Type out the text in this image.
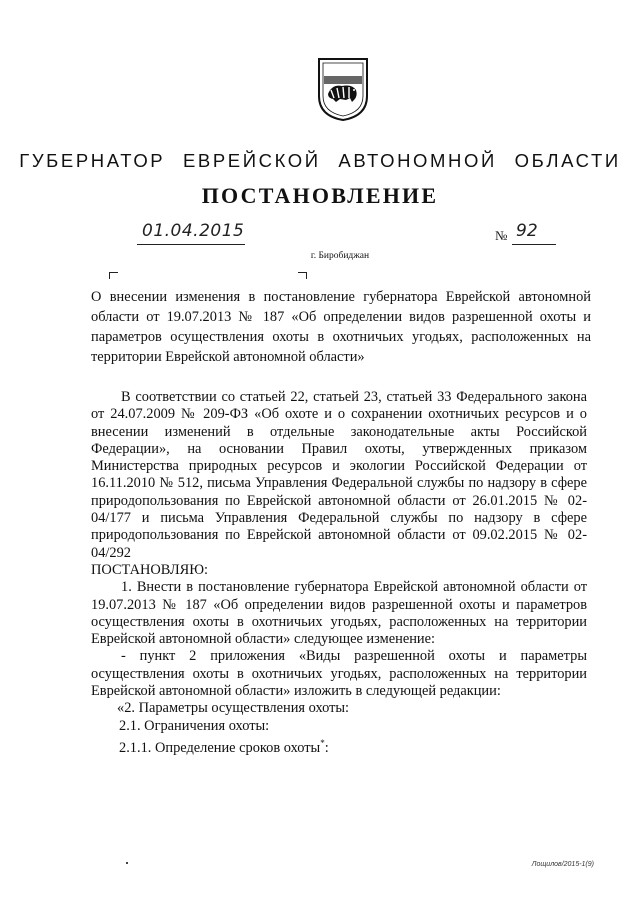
ГУБЕРНАТОР ЕВРЕЙСКОЙ АВТОНОМНОЙ ОБЛАСТИ
ПОСТАНОВЛЕНИЕ
01.04.2015	№ 92
г. Биробиджан
О внесении изменения в постановление губернатора Еврейской автономной области от 19.07.2013 № 187 «Об определении видов разрешенной охоты и параметров осуществления охоты в охотничьих угодьях, расположенных на территории Еврейской автономной области»

В соответствии со статьей 22, статьей 23, статьей 33 Федерального закона от 24.07.2009 № 209-ФЗ «Об охоте и о сохранении охотничьих ресурсов и о внесении изменений в отдельные законодательные акты Российской Федерации», на основании Правил охоты, утвержденных приказом Министерства природных ресурсов и экологии Российской Федерации от 16.11.2010 № 512, письма Управления Федеральной службы по надзору в сфере природопользования по Еврейской автономной области от 26.01.2015 № 02-04/177 и письма Управления Федеральной службы по надзору в сфере природопользования по Еврейской автономной области от 09.02.2015 № 02-04/292

ПОСТАНОВЛЯЮ:

1. Внести в постановление губернатора Еврейской автономной области от 19.07.2013 № 187 «Об определении видов разрешенной охоты и параметров осуществления охоты в охотничьих угодьях, расположенных на территории Еврейской автономной области» следующее изменение:

- пункт 2 приложения «Виды разрешенной охоты и параметры осуществления охоты в охотничьих угодьях, расположенных на территории Еврейской автономной области» изложить в следующей редакции:

«2. Параметры осуществления охоты:

2.1. Ограничения охоты:

2.1.1. Определение сроков охоты*:

Лощилов/2015-1(9)
